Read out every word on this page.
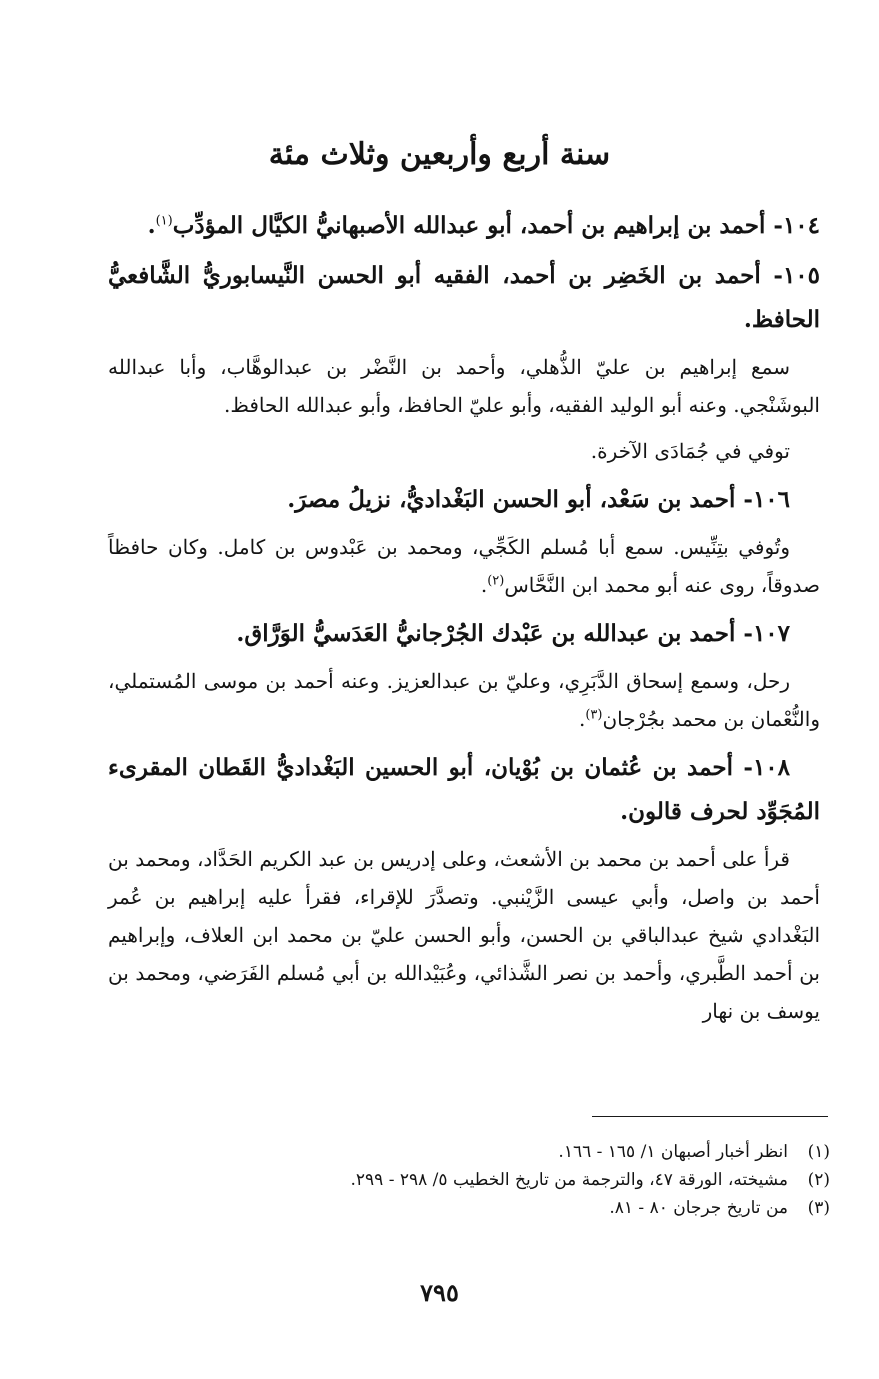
سنة أربع وأربعين وثلاث مئة
١٠٤- أحمد بن إبراهيم بن أحمد، أبو عبدالله الأصبهانيُّ الكيَّال المؤدِّب$^{(١)}$.
١٠٥- أحمد بن الخَضِر بن أحمد، الفقيه أبو الحسن النَّيسابوريُّ الشَّافعيُّ الحافظ.
سمع إبراهيم بن عليّ الذُّهلي، وأحمد بن النَّضْر بن عبدالوهَّاب، وأبا عبدالله البوشَنْجي. وعنه أبو الوليد الفقيه، وأبو عليّ الحافظ، وأبو عبدالله الحافظ.
توفي في جُمَادَى الآخرة.
١٠٦- أحمد بن سَعْد، أبو الحسن البَغْداديُّ، نزيلُ مصرَ.
وتُوفي بتِنِّيس. سمع أبا مُسلم الكَجِّي، ومحمد بن عَبْدوس بن كامل. وكان حافظاً صدوقاً، روى عنه أبو محمد ابن النَّحَّاس$^{(٢)}$.
١٠٧- أحمد بن عبدالله بن عَبْدك الجُرْجانيُّ العَدَسيُّ الوَرَّاق.
رحل، وسمع إسحاق الدَّبَرِي، وعليّ بن عبدالعزيز. وعنه أحمد بن موسى المُستملي، والنُّعْمان بن محمد بجُرْجان$^{(٣)}$.
١٠٨- أحمد بن عُثمان بن بُوْيان، أبو الحسين البَغْداديُّ القَطان المقرىء المُجَوِّد لحرف قالون.
قرأ على أحمد بن محمد بن الأشعث، وعلى إدريس بن عبد الكريم الحَدَّاد، ومحمد بن أحمد بن واصل، وأبي عيسى الزَّيْنبي. وتصدَّرَ للإقراء، فقرأ عليه إبراهيم بن عُمر البَغْدادي شيخ عبدالباقي بن الحسن، وأبو الحسن عليّ بن محمد ابن العلاف، وإبراهيم بن أحمد الطَّبري، وأحمد بن نصر الشَّذائي، وعُبَيْدالله بن أبي مُسلم الفَرَضي، ومحمد بن يوسف بن نهار
(١)
انظر أخبار أصبهان ١/ ١٦٥ - ١٦٦.
(٢)
مشيخته، الورقة ٤٧، والترجمة من تاريخ الخطيب ٥/ ٢٩٨ - ٢٩٩.
(٣)
من تاريخ جرجان ٨٠ - ٨١.
٧٩٥
